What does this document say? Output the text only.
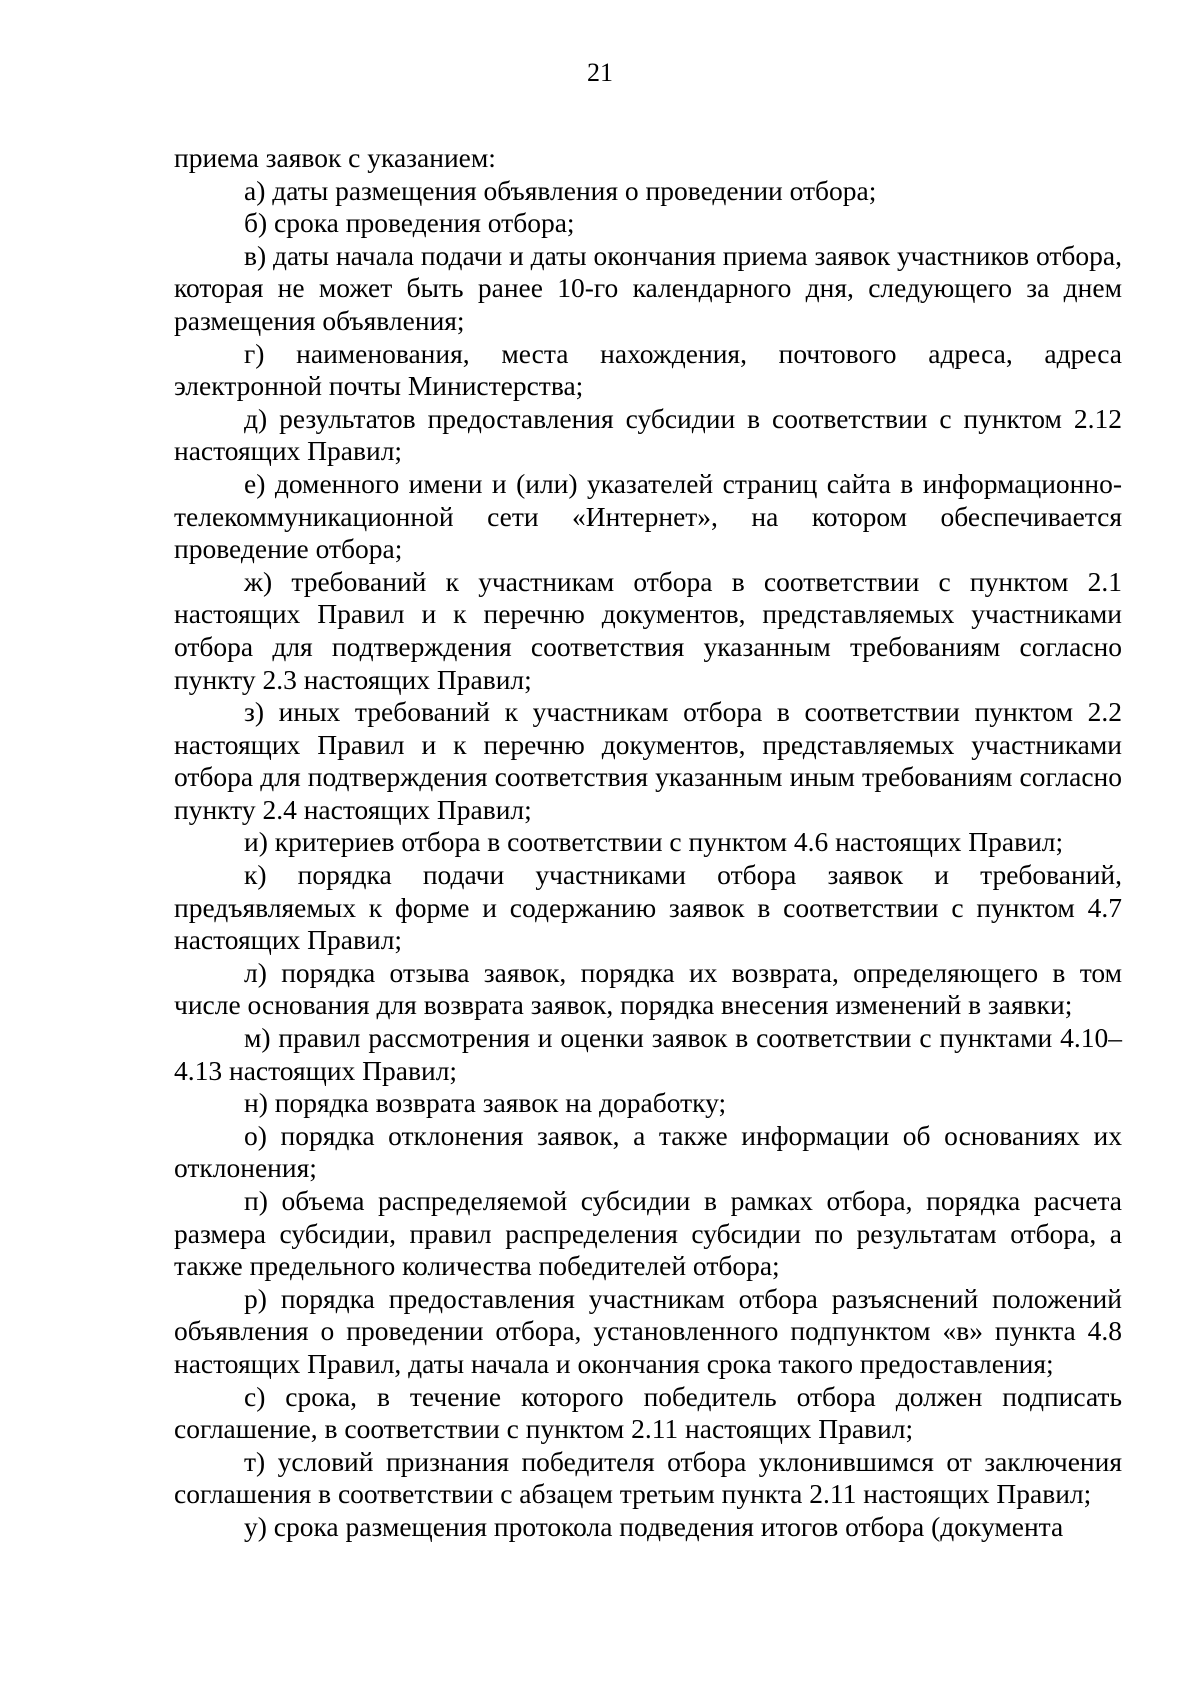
21

приема заявок с указанием:

а) даты размещения объявления о проведении отбора;

б) срока проведения отбора;

в) даты начала подачи и даты окончания приема заявок участников отбора, которая не может быть ранее 10-го календарного дня, следующего за днем размещения объявления;

г) наименования, места нахождения, почтового адреса, адреса электронной почты Министерства;

д) результатов предоставления субсидии в соответствии с пунктом 2.12 настоящих Правил;

е) доменного имени и (или) указателей страниц сайта в информационно-телекоммуникационной сети «Интернет», на котором обеспечивается проведение отбора;

ж) требований к участникам отбора в соответствии с пунктом 2.1 настоящих Правил и к перечню документов, представляемых участниками отбора для подтверждения соответствия указанным требованиям согласно пункту 2.3 настоящих Правил;

з) иных требований к участникам отбора в соответствии пунктом 2.2 настоящих Правил и к перечню документов, представляемых участниками отбора для подтверждения соответствия указанным иным требованиям согласно пункту 2.4 настоящих Правил;

и) критериев отбора в соответствии с пунктом 4.6 настоящих Правил;

к) порядка подачи участниками отбора заявок и требований, предъявляемых к форме и содержанию заявок в соответствии с пунктом 4.7 настоящих Правил;

л) порядка отзыва заявок, порядка их возврата, определяющего в том числе основания для возврата заявок, порядка внесения изменений в заявки;

м) правил рассмотрения и оценки заявок в соответствии с пунктами 4.10–4.13 настоящих Правил;

н) порядка возврата заявок на доработку;

о) порядка отклонения заявок, а также информации об основаниях их отклонения;

п) объема распределяемой субсидии в рамках отбора, порядка расчета размера субсидии, правил распределения субсидии по результатам отбора, а также предельного количества победителей отбора;

р) порядка предоставления участникам отбора разъяснений положений объявления о проведении отбора, установленного подпунктом «в» пункта 4.8 настоящих Правил, даты начала и окончания срока такого предоставления;

с) срока, в течение которого победитель отбора должен подписать соглашение, в соответствии с пунктом 2.11 настоящих Правил;

т) условий признания победителя отбора уклонившимся от заключения соглашения в соответствии с абзацем третьим пункта 2.11 настоящих Правил;

у) срока размещения протокола подведения итогов отбора (документа
